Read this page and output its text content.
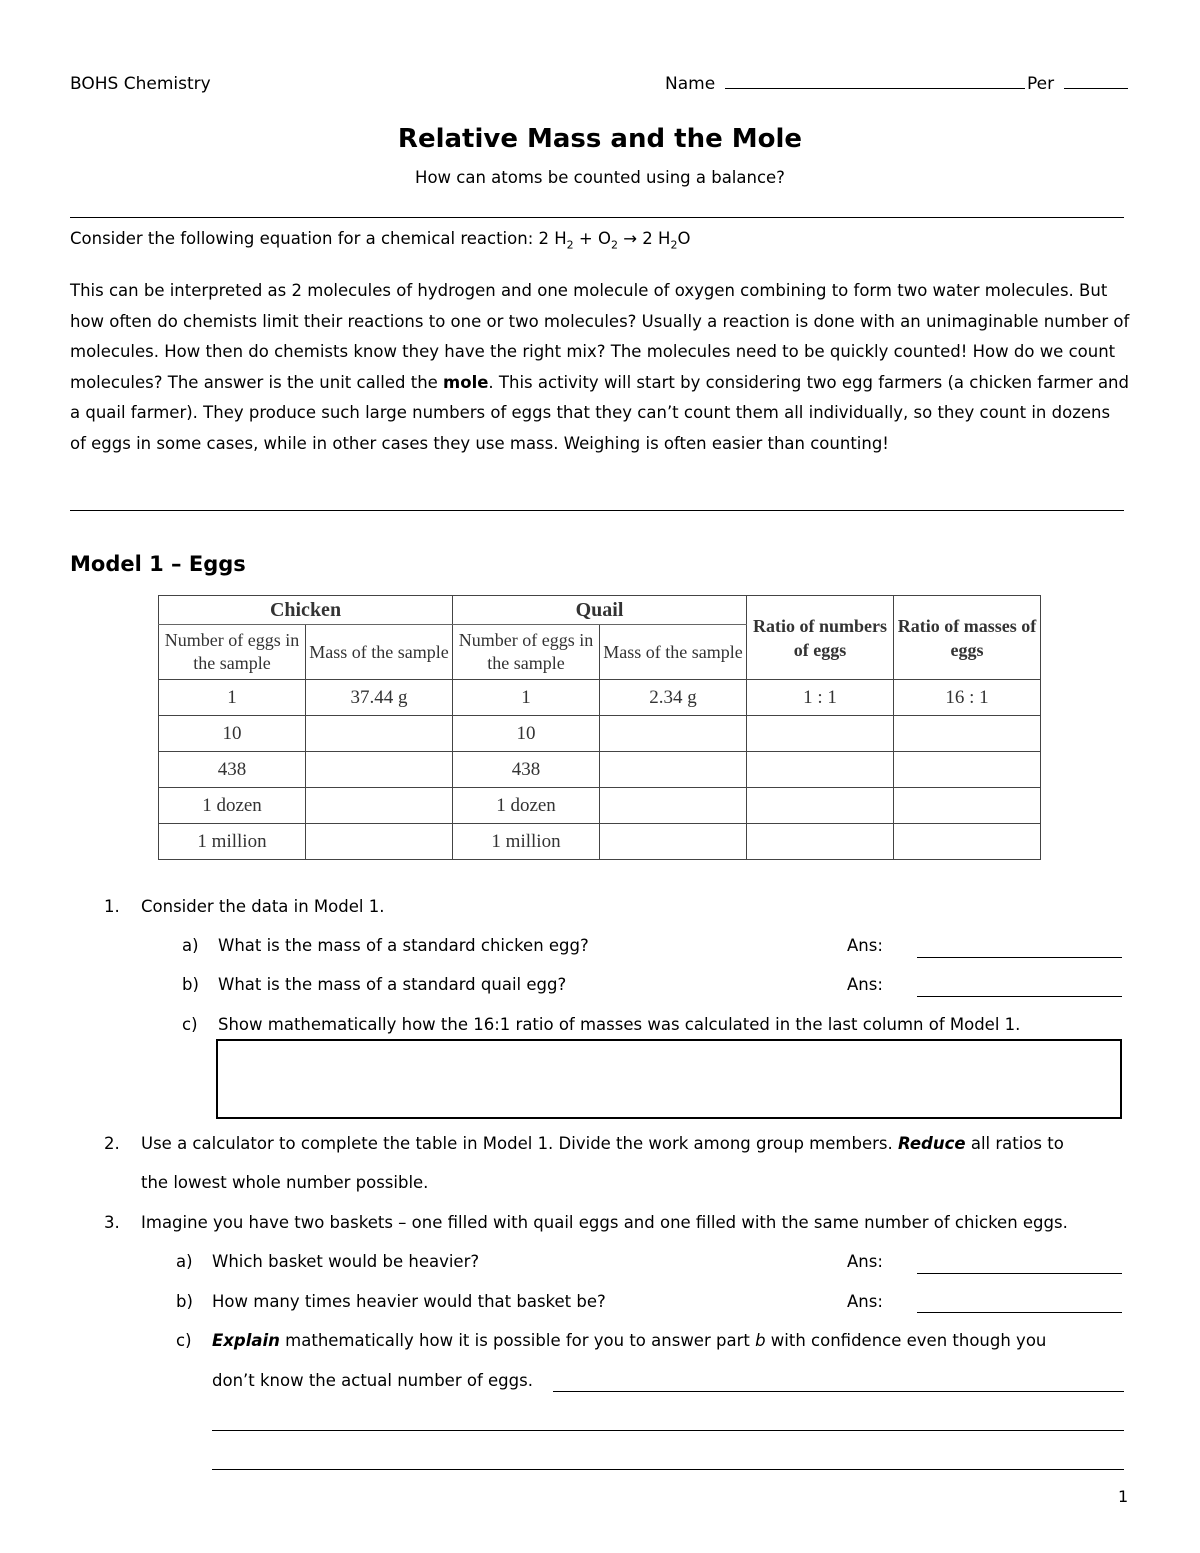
BOHS Chemistry	Name	Per
Relative Mass and the Mole
How can atoms be counted using a balance?
Consider the following equation for a chemical reaction: 2 $H_2 + O_2 \to 2$ $H_2O$
This can be interpreted as 2 molecules of hydrogen and one molecule of oxygen combining to form two water molecules. But how often do chemists limit their reactions to one or two molecules? Usually a reaction is done with an unimaginable number of molecules. How then do chemists know they have the right mix? The molecules need to be quickly counted! How do we count molecules? The answer is the unit called the mole. This activity will start by considering two egg farmers (a chicken farmer and a quail farmer). They produce such large numbers of eggs that they can’t count them all individually, so they count in dozens of eggs in some cases, while in other cases they use mass. Weighing is often easier than counting!
Model 1 – Eggs
Chicken		Quail		Ratio of numbers of eggs	Ratio of masses of eggs
Number of eggs in the sample	Mass of the sample	Number of eggs in the sample	Mass of the sample		
1	37.44 g	1	2.34 g	1 : 1	16 : 1
10		10			
438		438			
1 dozen		1 dozen			
1 million		1 million			
1. Consider the data in Model 1.
a) What is the mass of a standard chicken egg?	Ans:
b) What is the mass of a standard quail egg?	Ans:
c) Show mathematically how the 16:1 ratio of masses was calculated in the last column of Model 1.
2. Use a calculator to complete the table in Model 1. Divide the work among group members. Reduce all ratios to
the lowest whole number possible.
3. Imagine you have two baskets – one filled with quail eggs and one filled with the same number of chicken eggs.
a) Which basket would be heavier?	Ans:
b) How many times heavier would that basket be?	Ans:
c) Explain mathematically how it is possible for you to answer part b with confidence even though you
don’t know the actual number of eggs.
1
